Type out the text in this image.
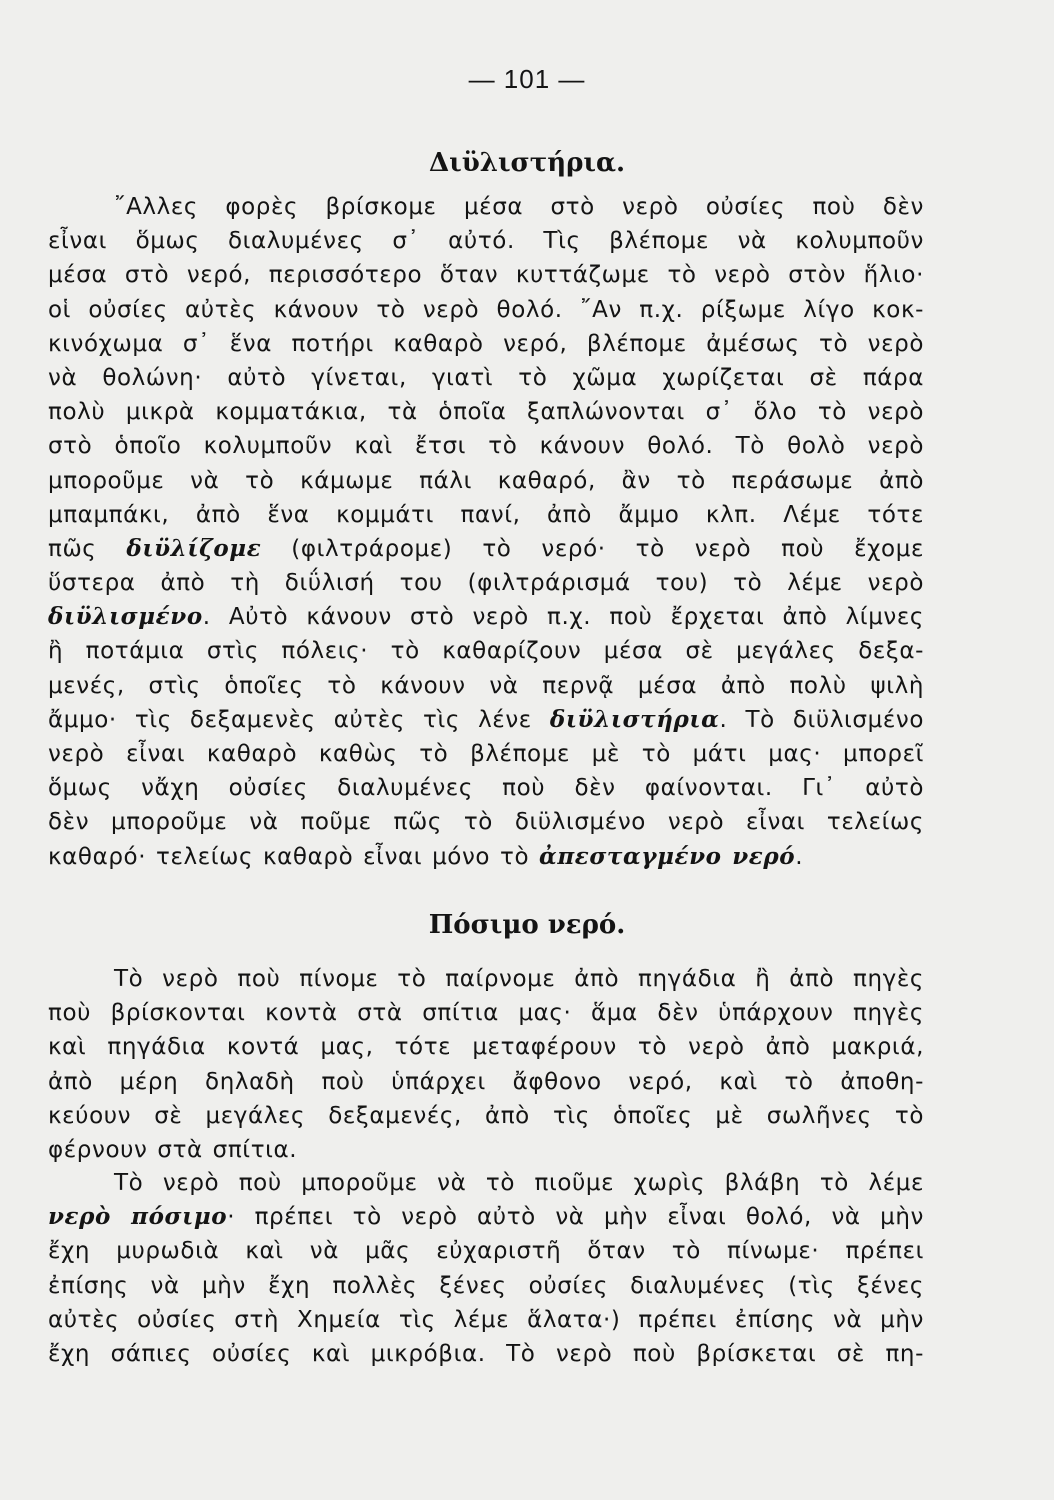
— 101 —
Διϋλιστήρια.
῎Αλλες φορὲς βρίσκομε μέσα στὸ νερὸ οὐσίες ποὺ δὲν
εἶναι ὅμως διαλυμένες σ᾿ αὐτό. Τὶς βλέπομε νὰ κολυμποῦν
μέσα στὸ νερό, περισσότερο ὅταν κυττάζωμε τὸ νερὸ στὸν ἥλιο·
οἱ οὐσίες αὐτὲς κάνουν τὸ νερὸ θολό. ῎Αν π.χ. ρίξωμε λίγο κοκ-
κινόχωμα σ᾿ ἕνα ποτήρι καθαρὸ νερό, βλέπομε ἀμέσως τὸ νερὸ
νὰ θολώνη· αὐτὸ γίνεται, γιατὶ τὸ χῶμα χωρίζεται σὲ πάρα
πολὺ μικρὰ κομματάκια, τὰ ὁποῖα ξαπλώνονται σ᾿ ὅλο τὸ νερὸ
στὸ ὁποῖο κολυμποῦν καὶ ἔτσι τὸ κάνουν θολό. Τὸ θολὸ νερὸ
μποροῦμε νὰ τὸ κάμωμε πάλι καθαρό, ἂν τὸ περάσωμε ἀπὸ
μπαμπάκι, ἀπὸ ἕνα κομμάτι πανί, ἀπὸ ἄμμο κλπ. Λέμε τότε
πῶς διϋλίζομε (φιλτράρομε) τὸ νερό· τὸ νερὸ ποὺ ἔχομε
ὕστερα ἀπὸ τὴ διΰλισή του (φιλτράρισμά του) τὸ λέμε νερὸ
διϋλισμένο. Αὐτὸ κάνουν στὸ νερὸ π.χ. ποὺ ἔρχεται ἀπὸ λίμνες
ἢ ποτάμια στὶς πόλεις· τὸ καθαρίζουν μέσα σὲ μεγάλες δεξα-
μενές, στὶς ὁποῖες τὸ κάνουν νὰ περνᾷ μέσα ἀπὸ πολὺ ψιλὴ
ἄμμο· τὶς δεξαμενὲς αὐτὲς τὶς λένε διϋλιστήρια. Τὸ διϋλισμένο
νερὸ εἶναι καθαρὸ καθὼς τὸ βλέπομε μὲ τὸ μάτι μας· μπορεῖ
ὅμως νἄχη οὐσίες διαλυμένες ποὺ δὲν φαίνονται. Γι᾿ αὐτὸ
δὲν μποροῦμε νὰ ποῦμε πῶς τὸ διϋλισμένο νερὸ εἶναι τελείως
καθαρό· τελείως καθαρὸ εἶναι μόνο τὸ ἀπεσταγμένο νερό.
Πόσιμο νερό.
Τὸ νερὸ ποὺ πίνομε τὸ παίρνομε ἀπὸ πηγάδια ἢ ἀπὸ πηγὲς
ποὺ βρίσκονται κοντὰ στὰ σπίτια μας· ἅμα δὲν ὑπάρχουν πηγὲς
καὶ πηγάδια κοντά μας, τότε μεταφέρουν τὸ νερὸ ἀπὸ μακριά,
ἀπὸ μέρη δηλαδὴ ποὺ ὑπάρχει ἄφθονο νερό, καὶ τὸ ἀποθη-
κεύουν σὲ μεγάλες δεξαμενές, ἀπὸ τὶς ὁποῖες μὲ σωλῆνες τὸ
φέρνουν στὰ σπίτια.
Τὸ νερὸ ποὺ μποροῦμε νὰ τὸ πιοῦμε χωρὶς βλάβη τὸ λέμε
νερὸ πόσιμο· πρέπει τὸ νερὸ αὐτὸ νὰ μὴν εἶναι θολό, νὰ μὴν
ἔχη μυρωδιὰ καὶ νὰ μᾶς εὐχαριστῆ ὅταν τὸ πίνωμε· πρέπει
ἐπίσης νὰ μὴν ἔχη πολλὲς ξένες οὐσίες διαλυμένες (τὶς ξένες
αὐτὲς οὐσίες στὴ Χημεία τὶς λέμε ἅλατα·) πρέπει ἐπίσης νὰ μὴν
ἔχη σάπιες οὐσίες καὶ μικρόβια. Τὸ νερὸ ποὺ βρίσκεται σὲ πη-
